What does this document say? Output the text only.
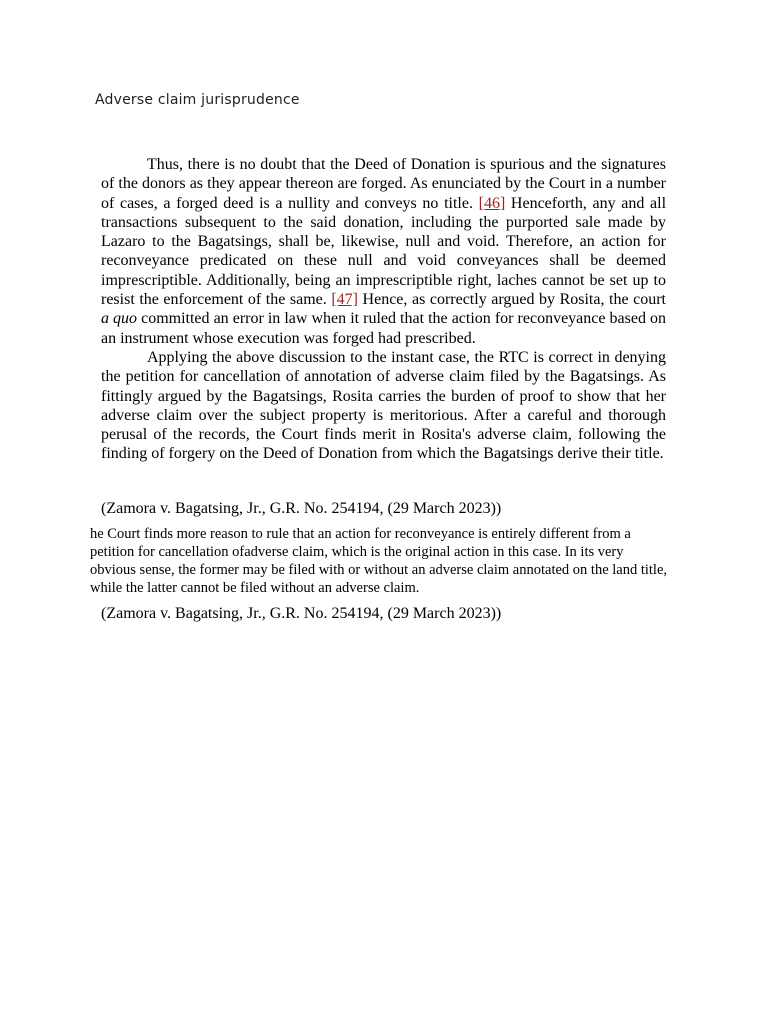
Adverse claim jurisprudence

Thus, there is no doubt that the Deed of Donation is spurious and the signatures of the donors as they appear thereon are forged. As enunciated by the Court in a number of cases, a forged deed is a nullity and conveys no title. [46] Henceforth, any and all transactions subsequent to the said donation, including the purported sale made by Lazaro to the Bagatsings, shall be, likewise, null and void. Therefore, an action for reconveyance predicated on these null and void conveyances shall be deemed imprescriptible. Additionally, being an imprescriptible right, laches cannot be set up to resist the enforcement of the same. [47] Hence, as correctly argued by Rosita, the court a quo committed an error in law when it ruled that the action for reconveyance based on an instrument whose execution was forged had prescribed.

Applying the above discussion to the instant case, the RTC is correct in denying the petition for cancellation of annotation of adverse claim filed by the Bagatsings. As fittingly argued by the Bagatsings, Rosita carries the burden of proof to show that her adverse claim over the subject property is meritorious. After a careful and thorough perusal of the records, the Court finds merit in Rosita's adverse claim, following the finding of forgery on the Deed of Donation from which the Bagatsings derive their title.

(Zamora v. Bagatsing, Jr., G.R. No. 254194, (29 March 2023))
he Court finds more reason to rule that an action for reconveyance is entirely different from a petition for cancellation ofadverse claim, which is the original action in this case. In its very obvious sense, the former may be filed with or without an adverse claim annotated on the land title, while the latter cannot be filed without an adverse claim.
(Zamora v. Bagatsing, Jr., G.R. No. 254194, (29 March 2023))
